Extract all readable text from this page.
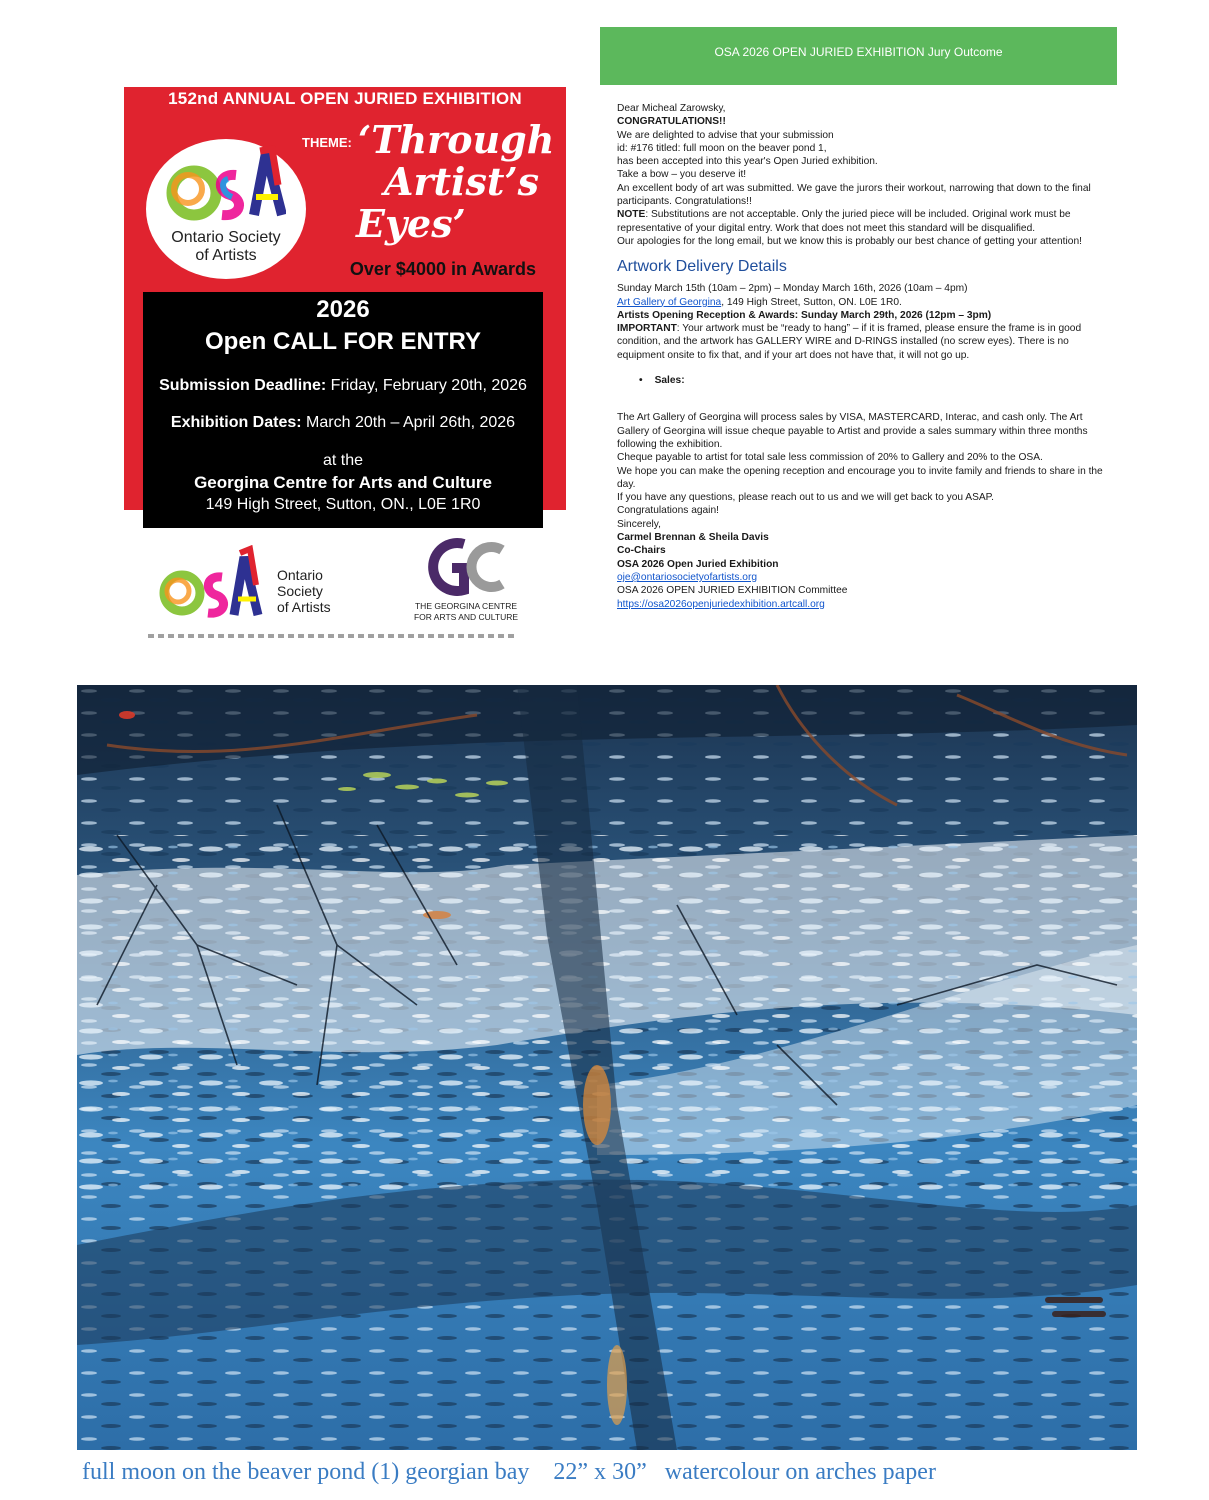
152nd ANNUAL OPEN JURIED EXHIBITION
Ontario Society
of Artists
THEME: ‘Through
Artist’s
Eyes’
Over $4000 in Awards
2026
Open CALL FOR ENTRY
Submission Deadline: Friday, February 20th, 2026
Exhibition Dates: March 20th – April 26th, 2026
at the
Georgina Centre for Arts and Culture
149 High Street, Sutton, ON., L0E 1R0
Ontario
Society
of Artists	THE GEORGINA CENTRE
FOR ARTS AND CULTURE
OSA 2026 OPEN JURIED EXHIBITION Jury Outcome

Dear Micheal Zarowsky,

CONGRATULATIONS!!

We are delighted to advise that your submission

id: #176 titled: full moon on the beaver pond 1,

has been accepted into this year's Open Juried exhibition.

Take a bow – you deserve it!

An excellent body of art was submitted. We gave the jurors their workout, narrowing that down to the final participants. Congratulations!!

NOTE: Substitutions are not acceptable. Only the juried piece will be included. Original work must be representative of your digital entry. Work that does not meet this standard will be disqualified.

Our apologies for the long email, but we know this is probably our best chance of getting your attention!

Artwork Delivery Details

Sunday March 15th (10am – 2pm) – Monday March 16th, 2026 (10am – 4pm)

Art Gallery of Georgina, 149 High Street, Sutton, ON. L0E 1R0.

Artists Opening Reception & Awards: Sunday March 29th, 2026 (12pm – 3pm)

IMPORTANT: Your artwork must be “ready to hang” – if it is framed, please ensure the frame is in good condition, and the artwork has GALLERY WIRE and D-RINGS installed (no screw eyes). There is no equipment onsite to fix that, and if your art does not have that, it will not go up.

• Sales:

The Art Gallery of Georgina will process sales by VISA, MASTERCARD, Interac, and cash only. The Art Gallery of Georgina will issue cheque payable to Artist and provide a sales summary within three months following the exhibition.

Cheque payable to artist for total sale less commission of 20% to Gallery and 20% to the OSA.

We hope you can make the opening reception and encourage you to invite family and friends to share in the day.

If you have any questions, please reach out to us and we will get back to you ASAP.

Congratulations again!

Sincerely,

Carmel Brennan & Sheila Davis

Co-Chairs

OSA 2026 Open Juried Exhibition

oje@ontariosocietyofartists.org

OSA 2026 OPEN JURIED EXHIBITION Committee

https://osa2026openjuriedexhibition.artcall.org

full moon on the beaver pond (1) georgian bay    22” x 30”   watercolour on arches paper
